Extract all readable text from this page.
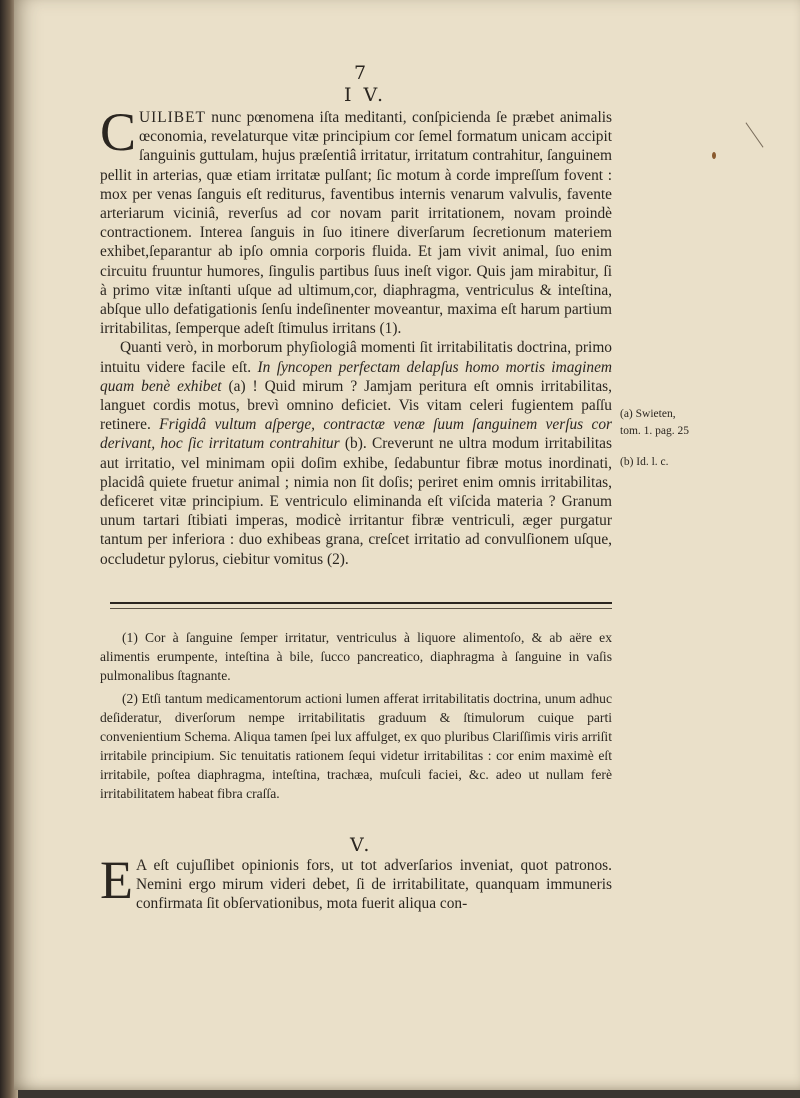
7
I V.

CUILIBET nunc pœnomena iſta meditanti, conſpicienda ſe præbet animalis œconomia, revelaturque vitæ principium cor ſemel formatum unicam accipit ſanguinis guttulam, hujus præſentiâ irritatur, irritatum contrahitur, ſanguinem pellit in arterias, quæ etiam irritatæ pulſant; ſic motum à corde impreſſum fovent : mox per venas ſanguis eſt rediturus, faventibus internis venarum valvulis, favente arteriarum viciniâ, reverſus ad cor novam parit irritationem, novam proindè contractionem. Interea ſanguis in ſuo itinere diverſarum ſecretionum materiem exhibet,ſeparantur ab ipſo omnia corporis fluida. Et jam vivit animal, ſuo enim circuitu fruuntur humores, ſingulis partibus ſuus ineſt vigor. Quis jam mirabitur, ſi à primo vitæ inſtanti uſque ad ultimum,cor, diaphragma, ventriculus & inteſtina, abſque ullo defatigationis ſenſu indeſinenter moveantur, maxima eſt harum partium irritabilitas, ſemperque adeſt ſtimulus irritans (1).

Quanti verò, in morborum phyſiologiâ momenti ſit irritabilitatis doctrina, primo intuitu videre facile eſt. In ſyncopen perfectam delapſus homo mortis imaginem quam benè exhibet (a) ! Quid mirum ? Jamjam peritura eſt omnis irritabilitas, languet cordis motus, brevì omnino deficiet. Vis vitam celeri fugientem paſſu retinere. Frigidâ vultum aſperge, contractæ venæ ſuum ſanguinem verſus cor derivant, hoc ſic irritatum contrahitur (b). Creverunt ne ultra modum irritabilitas aut irritatio, vel minimam opii doſim exhibe, ſedabuntur fibræ motus inordinati, placidâ quiete fruetur animal ; nimia non ſit doſis; periret enim omnis irritabilitas, deficeret vitæ principium. E ventriculo eliminanda eſt viſcida materia ? Granum unum tartari ſtibiati imperas, modicè irritantur fibræ ventriculi, æger purgatur tantum per inferiora : duo exhibeas grana, creſcet irritatio ad convulſionem uſque, occludetur pylorus, ciebitur vomitus (2).

(a) Swieten,
tom. 1. pag. 25
(b) Id. l. c.

(1) Cor à ſanguine ſemper irritatur, ventriculus à liquore alimentoſo, & ab aëre ex alimentis erumpente, inteſtina à bile, ſucco pancreatico, diaphragma à ſanguine in vaſis pulmonalibus ſtagnante.

(2) Etſi tantum medicamentorum actioni lumen afferat irritabilitatis doctrina, unum adhuc deſideratur, diverſorum nempe irritabilitatis graduum & ſtimulorum cuique parti convenientium Schema. Aliqua tamen ſpei lux affulget, ex quo pluribus Clariſſimis viris arriſit irritabile principium. Sic tenuitatis rationem ſequi videtur irritabilitas : cor enim maximè eſt irritabile, poſtea diaphragma, inteſtina, trachæa, muſculi faciei, &c. adeo ut nullam ferè irritabilitatem habeat fibra craſſa.

V.

E A eſt cujuſlibet opinionis fors, ut tot adverſarios inveniat, quot patronos. Nemini ergo mirum videri debet, ſi de irritabilitate, quanquam immuneris confirmata ſit obſervationibus, mota fuerit aliqua con-
